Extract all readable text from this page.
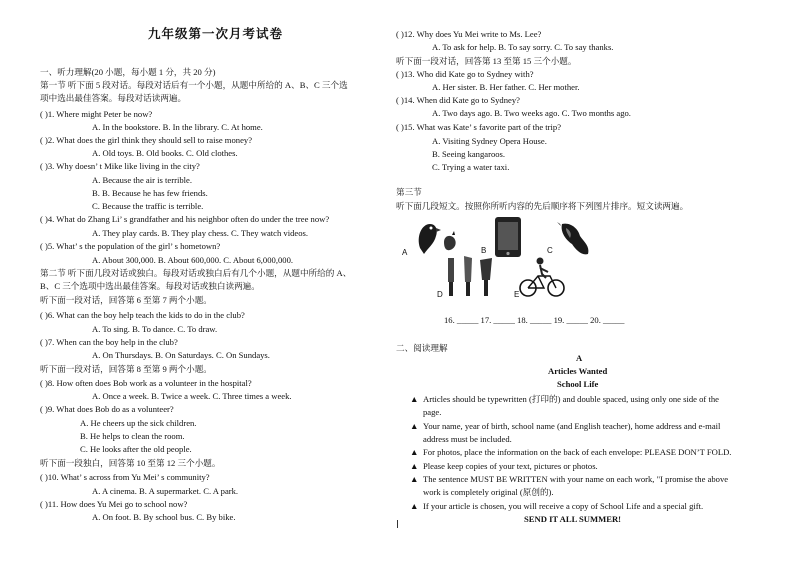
九年级第一次月考试卷
一、听力理解(20 小题，每小题 1 分，共 20 分)
第一节 听下面 5 段对话。每段对话后有一个小题，从题中所给的 A、B、C 三个选
项中选出最佳答案。每段对话读两遍。
( )1. Where might Peter be now?
A. In the bookstore. B. In the library. C. At home.
( )2. What does the girl think they should sell to raise money?
A. Old toys. B. Old books. C. Old clothes.
( )3. Why doesn’ t Mike like living in the city?
A. Because the air is terrible.
B. B. Because he has few friends.
C. Because the traffic is terrible.
( )4. What do Zhang Li’ s grandfather and his neighbor often do under the tree now?
A. They play cards. B. They play chess. C. They watch videos.
( )5. What’ s the population of the girl’ s hometown?
A. About 300,000. B. About 600,000. C. About 6,000,000.
第二节 听下面几段对话或独白。每段对话或独白后有几个小题，从题中所给的 A、
B、C 三个选项中选出最佳答案。每段对话或独白读两遍。
听下面一段对话，回答第 6 至第 7 两个小题。
( )6. What can the boy help teach the kids to do in the club?
A. To sing. B. To dance. C. To draw.
( )7. When can the boy help in the club?
A. On Thursdays. B. On Saturdays. C. On Sundays.
听下面一段对话，回答第 8 至第 9 两个小题。
( )8. How often does Bob work as a volunteer in the hospital?
A. Once a week. B. Twice a week. C. Three times a week.
( )9. What does Bob do as a volunteer?
A. He cheers up the sick children.
B. He helps to clean the room.
C. He looks after the old people.
听下面一段独白，回答第 10 至第 12 三个小题。
( )10. What’ s across from Yu Mei’ s community?
A. A cinema. B. A supermarket. C. A park.
( )11. How does Yu Mei go to school now?
A. On foot. B. By school bus. C. By bike.
( )12. Why does Yu Mei write to Ms. Lee?
A. To ask for help. B. To say sorry. C. To say thanks.
听下面一段对话，回答第 13 至第 15 三个小题。
( )13. Who did Kate go to Sydney with?
A. Her sister. B. Her father. C. Her mother.
( )14. When did Kate go to Sydney?
A. Two days ago. B. Two weeks ago. C. Two months ago.
( )15. What was Kate’ s favorite part of the trip?
A. Visiting Sydney Opera House.
B. Seeing kangaroos.
C. Trying a water taxi.
第三节
听下面几段短文。按照你所听内容的先后顺序将下列图片排序。短文读两遍。
16. _____ 17. _____ 18. _____ 19. _____ 20. _____
二、阅读理解
A	B	C
D	E
A
Articles Wanted
School Life
▲ Articles should be typewritten (打印的) and double spaced, using only one side of the
page.
▲ Your name, year of birth, school name (and English teacher), home address and e-mail
address must be included.
▲ For photos, place the information on the back of each envelope: PLEASE DON’T FOLD.
▲ Please keep copies of your text, pictures or photos.
▲ The sentence MUST BE WRITTEN with your name on each work, "I promise the above
work is completely original (原创的).
▲ If your article is chosen, you will receive a copy of School Life and a special gift.
SEND IT ALL SUMMER!
